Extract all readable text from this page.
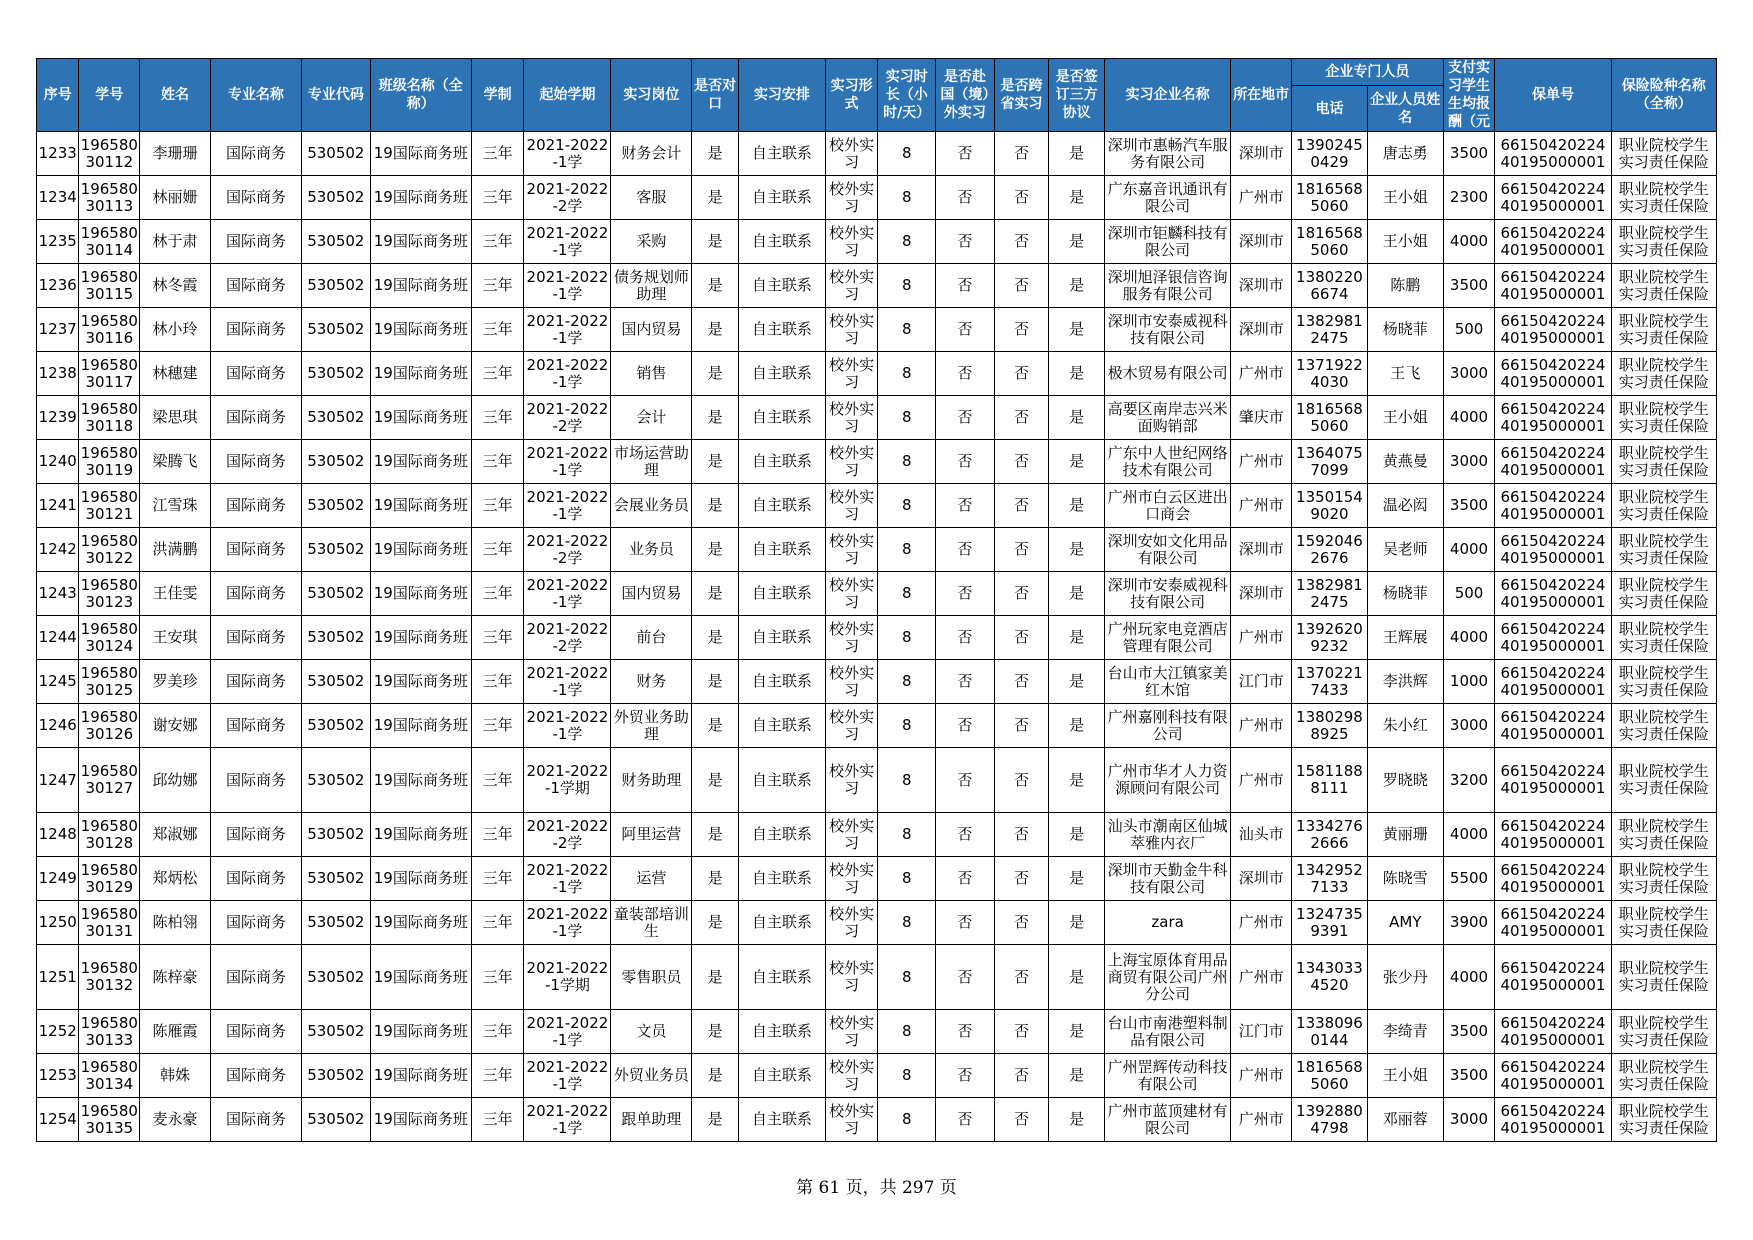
序号	学号	姓名	专业名称	专业代码	班级名称（全称）	学制	起始学期	实习岗位	是否对口	实习安排	实习形式	实习时长（小时/天）	是否赴国（境）外实习	是否跨省实习	是否签订三方协议	实习企业名称	所在地市	企业专门人员		支付实习学生生均报酬（元	保单号	保险险种名称（全称）
																		电话	企业人员姓名			
1233	19658030112	李珊珊	国际商务	530502	19国际商务班	三年	2021-2022-1学	财务会计	是	自主联系	校外实习	8	否	否	是	深圳市惠畅汽车服务有限公司	深圳市	13902450429	唐志勇	3500	6615042022440195000001	职业院校学生实习责任保险
1234	19658030113	林丽姗	国际商务	530502	19国际商务班	三年	2021-2022-2学	客服	是	自主联系	校外实习	8	否	否	是	广东嘉音讯通讯有限公司	广州市	18165685060	王小姐	2300	6615042022440195000001	职业院校学生实习责任保险
1235	19658030114	林于肃	国际商务	530502	19国际商务班	三年	2021-2022-1学	采购	是	自主联系	校外实习	8	否	否	是	深圳市钜麟科技有限公司	深圳市	18165685060	王小姐	4000	6615042022440195000001	职业院校学生实习责任保险
1236	19658030115	林冬霞	国际商务	530502	19国际商务班	三年	2021-2022-1学	债务规划师助理	是	自主联系	校外实习	8	否	否	是	深圳旭泽银信咨询服务有限公司	深圳市	13802206674	陈鹏	3500	6615042022440195000001	职业院校学生实习责任保险
1237	19658030116	林小玲	国际商务	530502	19国际商务班	三年	2021-2022-1学	国内贸易	是	自主联系	校外实习	8	否	否	是	深圳市安泰威视科技有限公司	深圳市	13829812475	杨晓菲	500	6615042022440195000001	职业院校学生实习责任保险
1238	19658030117	林穗建	国际商务	530502	19国际商务班	三年	2021-2022-1学	销售	是	自主联系	校外实习	8	否	否	是	极木贸易有限公司	广州市	13719224030	王飞	3000	6615042022440195000001	职业院校学生实习责任保险
1239	19658030118	梁思琪	国际商务	530502	19国际商务班	三年	2021-2022-2学	会计	是	自主联系	校外实习	8	否	否	是	高要区南岸志兴米面购销部	肇庆市	18165685060	王小姐	4000	6615042022440195000001	职业院校学生实习责任保险
1240	19658030119	梁腾飞	国际商务	530502	19国际商务班	三年	2021-2022-1学	市场运营助理	是	自主联系	校外实习	8	否	否	是	广东中人世纪网络技术有限公司	广州市	13640757099	黄燕曼	3000	6615042022440195000001	职业院校学生实习责任保险
1241	19658030121	江雪珠	国际商务	530502	19国际商务班	三年	2021-2022-1学	会展业务员	是	自主联系	校外实习	8	否	否	是	广州市白云区进出口商会	广州市	13501549020	温必闳	3500	6615042022440195000001	职业院校学生实习责任保险
1242	19658030122	洪满鹏	国际商务	530502	19国际商务班	三年	2021-2022-2学	业务员	是	自主联系	校外实习	8	否	否	是	深圳安如文化用品有限公司	深圳市	15920462676	吴老师	4000	6615042022440195000001	职业院校学生实习责任保险
1243	19658030123	王佳雯	国际商务	530502	19国际商务班	三年	2021-2022-1学	国内贸易	是	自主联系	校外实习	8	否	否	是	深圳市安泰威视科技有限公司	深圳市	13829812475	杨晓菲	500	6615042022440195000001	职业院校学生实习责任保险
1244	19658030124	王安琪	国际商务	530502	19国际商务班	三年	2021-2022-2学	前台	是	自主联系	校外实习	8	否	否	是	广州玩家电竞酒店管理有限公司	广州市	13926209232	王辉展	4000	6615042022440195000001	职业院校学生实习责任保险
1245	19658030125	罗美珍	国际商务	530502	19国际商务班	三年	2021-2022-1学	财务	是	自主联系	校外实习	8	否	否	是	台山市大江镇家美红木馆	江门市	13702217433	李洪辉	1000	6615042022440195000001	职业院校学生实习责任保险
1246	19658030126	谢安娜	国际商务	530502	19国际商务班	三年	2021-2022-1学	外贸业务助理	是	自主联系	校外实习	8	否	否	是	广州嘉刚科技有限公司	广州市	13802988925	朱小红	3000	6615042022440195000001	职业院校学生实习责任保险
1247	19658030127	邱幼娜	国际商务	530502	19国际商务班	三年	2021-2022-1学期	财务助理	是	自主联系	校外实习	8	否	否	是	广州市华才人力资源顾问有限公司	广州市	15811888111	罗晓晓	3200	6615042022440195000001	职业院校学生实习责任保险
1248	19658030128	郑淑娜	国际商务	530502	19国际商务班	三年	2021-2022-2学	阿里运营	是	自主联系	校外实习	8	否	否	是	汕头市潮南区仙城萃雅内衣厂	汕头市	13342762666	黄丽珊	4000	6615042022440195000001	职业院校学生实习责任保险
1249	19658030129	郑炳松	国际商务	530502	19国际商务班	三年	2021-2022-1学	运营	是	自主联系	校外实习	8	否	否	是	深圳市天勤金牛科技有限公司	深圳市	13429527133	陈晓雪	5500	6615042022440195000001	职业院校学生实习责任保险
1250	19658030131	陈柏翎	国际商务	530502	19国际商务班	三年	2021-2022-1学	童装部培训生	是	自主联系	校外实习	8	否	否	是	zara	广州市	13247359391	AMY	3900	6615042022440195000001	职业院校学生实习责任保险
1251	19658030132	陈梓豪	国际商务	530502	19国际商务班	三年	2021-2022-1学期	零售职员	是	自主联系	校外实习	8	否	否	是	上海宝原体育用品商贸有限公司广州分公司	广州市	13430334520	张少丹	4000	6615042022440195000001	职业院校学生实习责任保险
1252	19658030133	陈雁霞	国际商务	530502	19国际商务班	三年	2021-2022-1学	文员	是	自主联系	校外实习	8	否	否	是	台山市南港塑料制品有限公司	江门市	13380960144	李绮青	3500	6615042022440195000001	职业院校学生实习责任保险
1253	19658030134	韩姝	国际商务	530502	19国际商务班	三年	2021-2022-1学	外贸业务员	是	自主联系	校外实习	8	否	否	是	广州罡辉传动科技有限公司	广州市	18165685060	王小姐	3500	6615042022440195000001	职业院校学生实习责任保险
1254	19658030135	麦永豪	国际商务	530502	19国际商务班	三年	2021-2022-1学	跟单助理	是	自主联系	校外实习	8	否	否	是	广州市蓝顶建材有限公司	广州市	13928804798	邓丽蓉	3000	6615042022440195000001	职业院校学生实习责任保险
第 61 页，共 297 页
